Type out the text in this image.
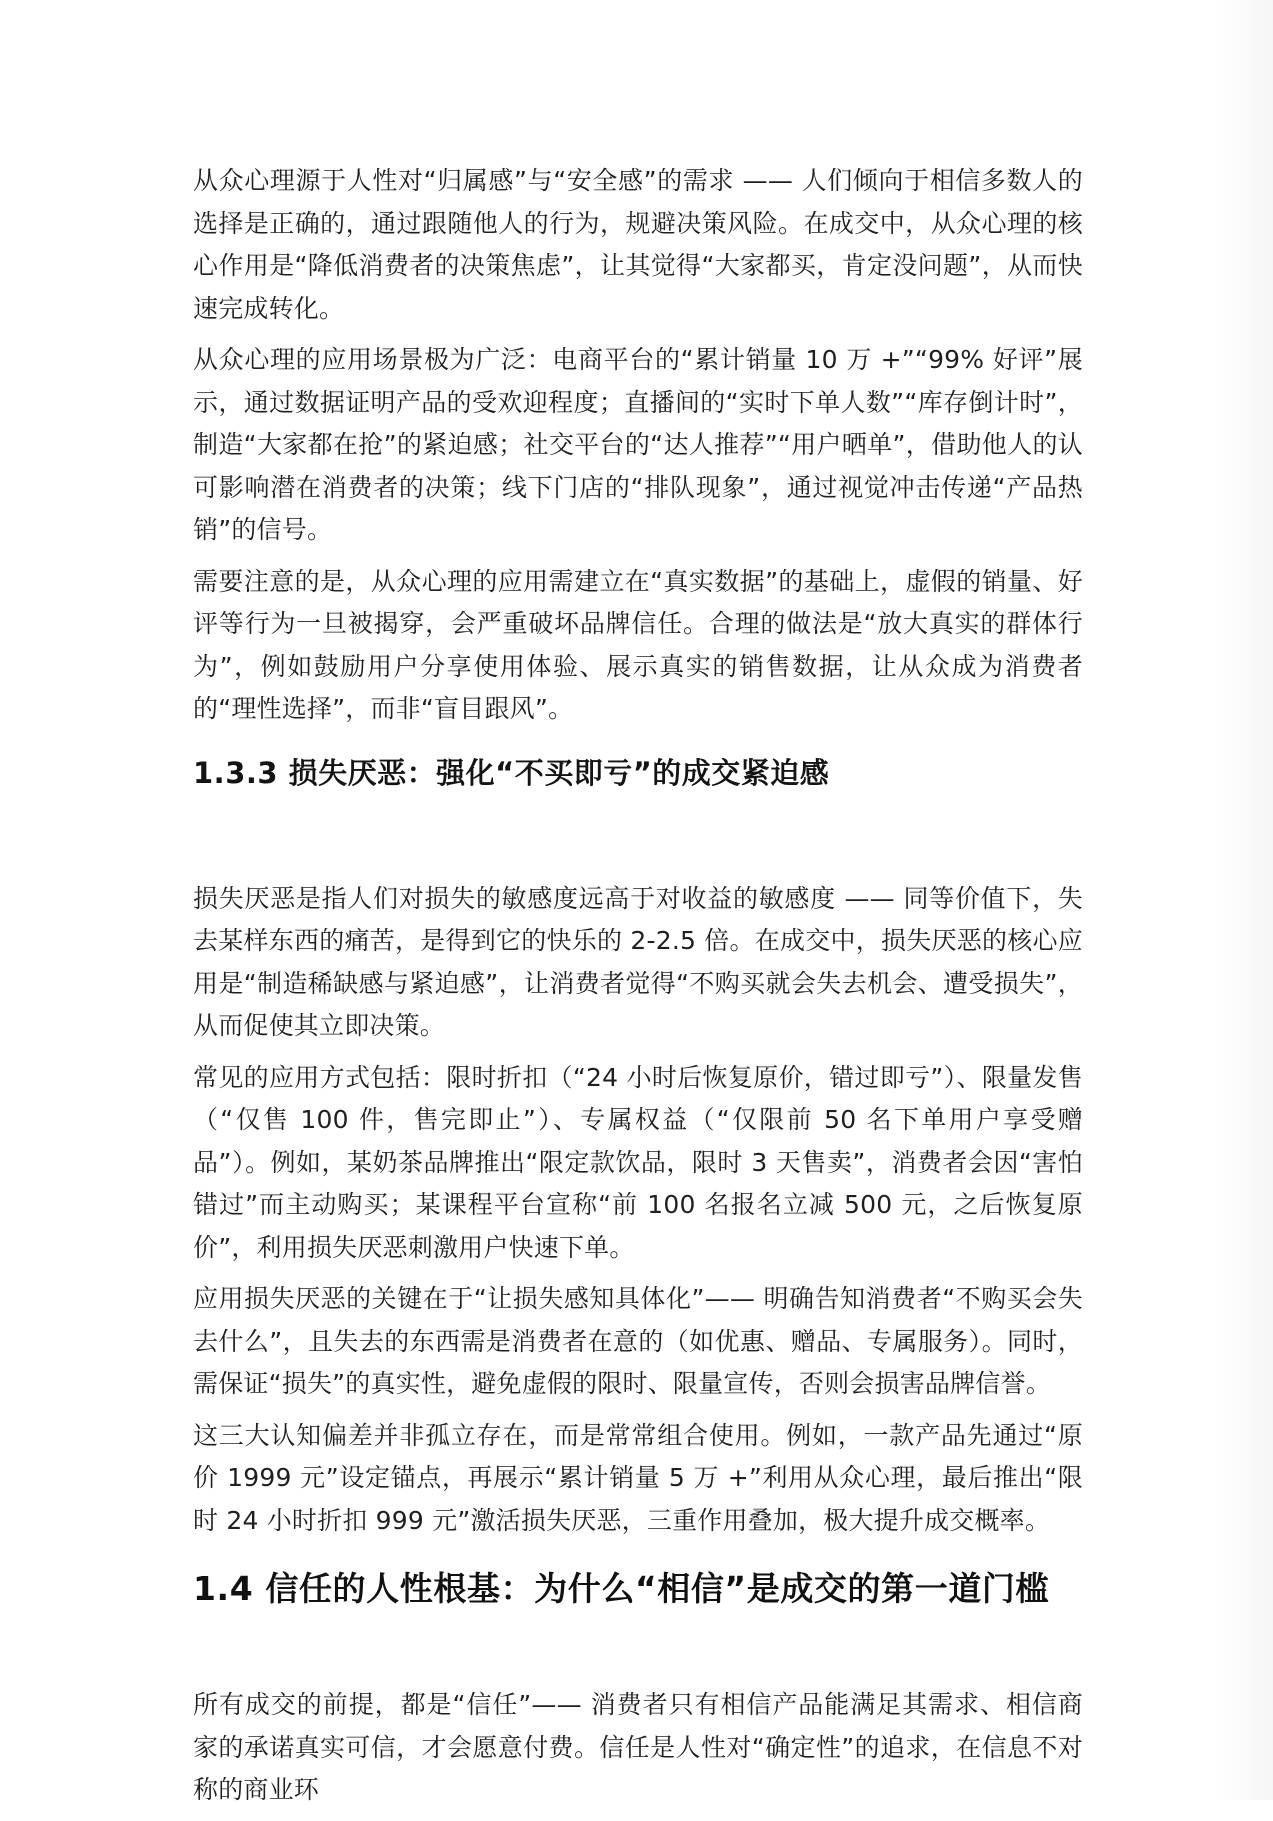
从众心理源于人性对“归属感”与“安全感”的需求 —— 人们倾向于相信多数人的选择是正确的，通过跟随他人的行为，规避决策风险。在成交中，从众心理的核心作用是“降低消费者的决策焦虑”，让其觉得“大家都买，肯定没问题”，从而快速完成转化。

从众心理的应用场景极为广泛：电商平台的“累计销量 10 万 +”“99% 好评”展示，通过数据证明产品的受欢迎程度；直播间的“实时下单人数”“库存倒计时”，制造“大家都在抢”的紧迫感；社交平台的“达人推荐”“用户晒单”，借助他人的认可影响潜在消费者的决策；线下门店的“排队现象”，通过视觉冲击传递“产品热销”的信号。

需要注意的是，从众心理的应用需建立在“真实数据”的基础上，虚假的销量、好评等行为一旦被揭穿，会严重破坏品牌信任。合理的做法是“放大真实的群体行为”，例如鼓励用户分享使用体验、展示真实的销售数据，让从众成为消费者的“理性选择”，而非“盲目跟风”。

1.3.3 损失厌恶：强化“不买即亏”的成交紧迫感

损失厌恶是指人们对损失的敏感度远高于对收益的敏感度 —— 同等价值下，失去某样东西的痛苦，是得到它的快乐的 2-2.5 倍。在成交中，损失厌恶的核心应用是“制造稀缺感与紧迫感”，让消费者觉得“不购买就会失去机会、遭受损失”，从而促使其立即决策。

常见的应用方式包括：限时折扣（“24 小时后恢复原价，错过即亏”）、限量发售（“仅售 100 件，售完即止”）、专属权益（“仅限前 50 名下单用户享受赠品”）。例如，某奶茶品牌推出“限定款饮品，限时 3 天售卖”，消费者会因“害怕错过”而主动购买；某课程平台宣称“前 100 名报名立减 500 元，之后恢复原价”，利用损失厌恶刺激用户快速下单。

应用损失厌恶的关键在于“让损失感知具体化”—— 明确告知消费者“不购买会失去什么”，且失去的东西需是消费者在意的（如优惠、赠品、专属服务）。同时，需保证“损失”的真实性，避免虚假的限时、限量宣传，否则会损害品牌信誉。

这三大认知偏差并非孤立存在，而是常常组合使用。例如，一款产品先通过“原价 1999 元”设定锚点，再展示“累计销量 5 万 +”利用从众心理，最后推出“限时 24 小时折扣 999 元”激活损失厌恶，三重作用叠加，极大提升成交概率。

1.4 信任的人性根基：为什么“相信”是成交的第一道门槛

所有成交的前提，都是“信任”—— 消费者只有相信产品能满足其需求、相信商家的承诺真实可信，才会愿意付费。信任是人性对“确定性”的追求，在信息不对称的商业环
